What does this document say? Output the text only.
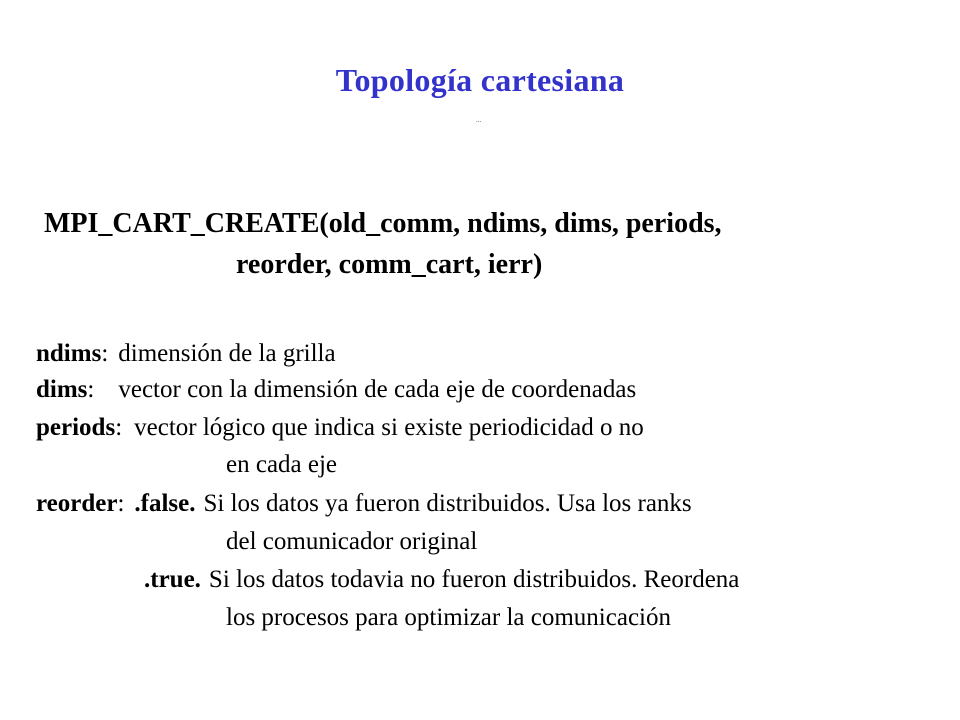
Topología cartesiana
...
MPI_CART_CREATE(old_comm, ndims, dims, periods,
reorder, comm_cart, ierr)
ndims: dimensión de la grilla
dims: vector con la dimensión de cada eje de coordenadas
periods: vector lógico que indica si existe periodicidad o no
en cada eje
reorder: .false. Si los datos ya fueron distribuidos. Usa los ranks
del comunicador original
.true. Si los datos todavia no fueron distribuidos. Reordena
los procesos para optimizar la comunicación
